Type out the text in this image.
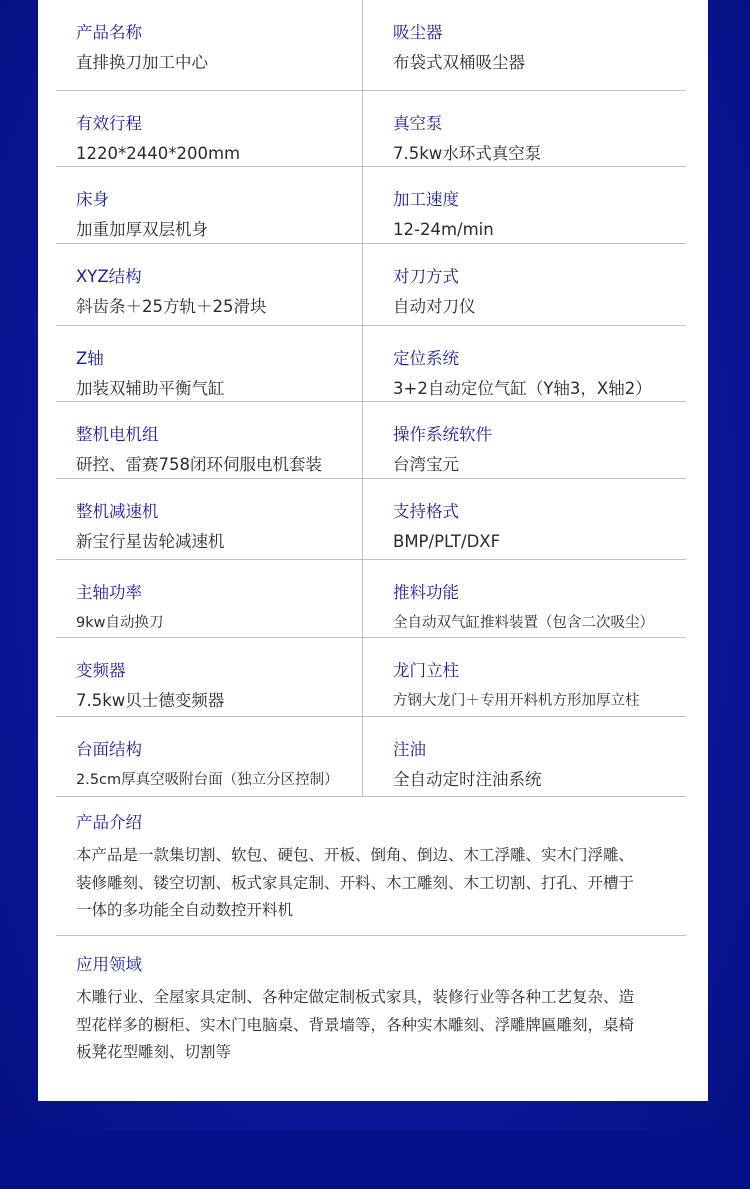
产品名称
直排换刀加工中心
吸尘器
布袋式双桶吸尘器
有效行程
1220*2440*200mm
真空泵
7.5kw水环式真空泵
床身
加重加厚双层机身
加工速度
12-24m/min
XYZ结构
斜齿条＋25方轨＋25滑块
对刀方式
自动对刀仪
Z轴
加装双辅助平衡气缸
定位系统
3+2自动定位气缸（Y轴3，X轴2）
整机电机组
研控、雷赛758闭环伺服电机套装
操作系统软件
台湾宝元
整机减速机
新宝行星齿轮减速机
支持格式
BMP/PLT/DXF
主轴功率
9kw自动换刀
推料功能
全自动双气缸推料装置（包含二次吸尘）
变频器
7.5kw贝士德变频器
龙门立柱
方钢大龙门＋专用开料机方形加厚立柱
台面结构
2.5cm厚真空吸附台面（独立分区控制）
注油
全自动定时注油系统
产品介绍
本产品是一款集切割、软包、硬包、开板、倒角、倒边、木工浮雕、实木门浮雕、
装修雕刻、镂空切割、板式家具定制、开料、木工雕刻、木工切割、打孔、开槽于
一体的多功能全自动数控开料机
应用领域
木雕行业、全屋家具定制、各种定做定制板式家具，装修行业等各种工艺复杂、造
型花样多的橱柜、实木门电脑桌、背景墙等，各种实木雕刻、浮雕牌匾雕刻，桌椅
板凳花型雕刻、切割等
